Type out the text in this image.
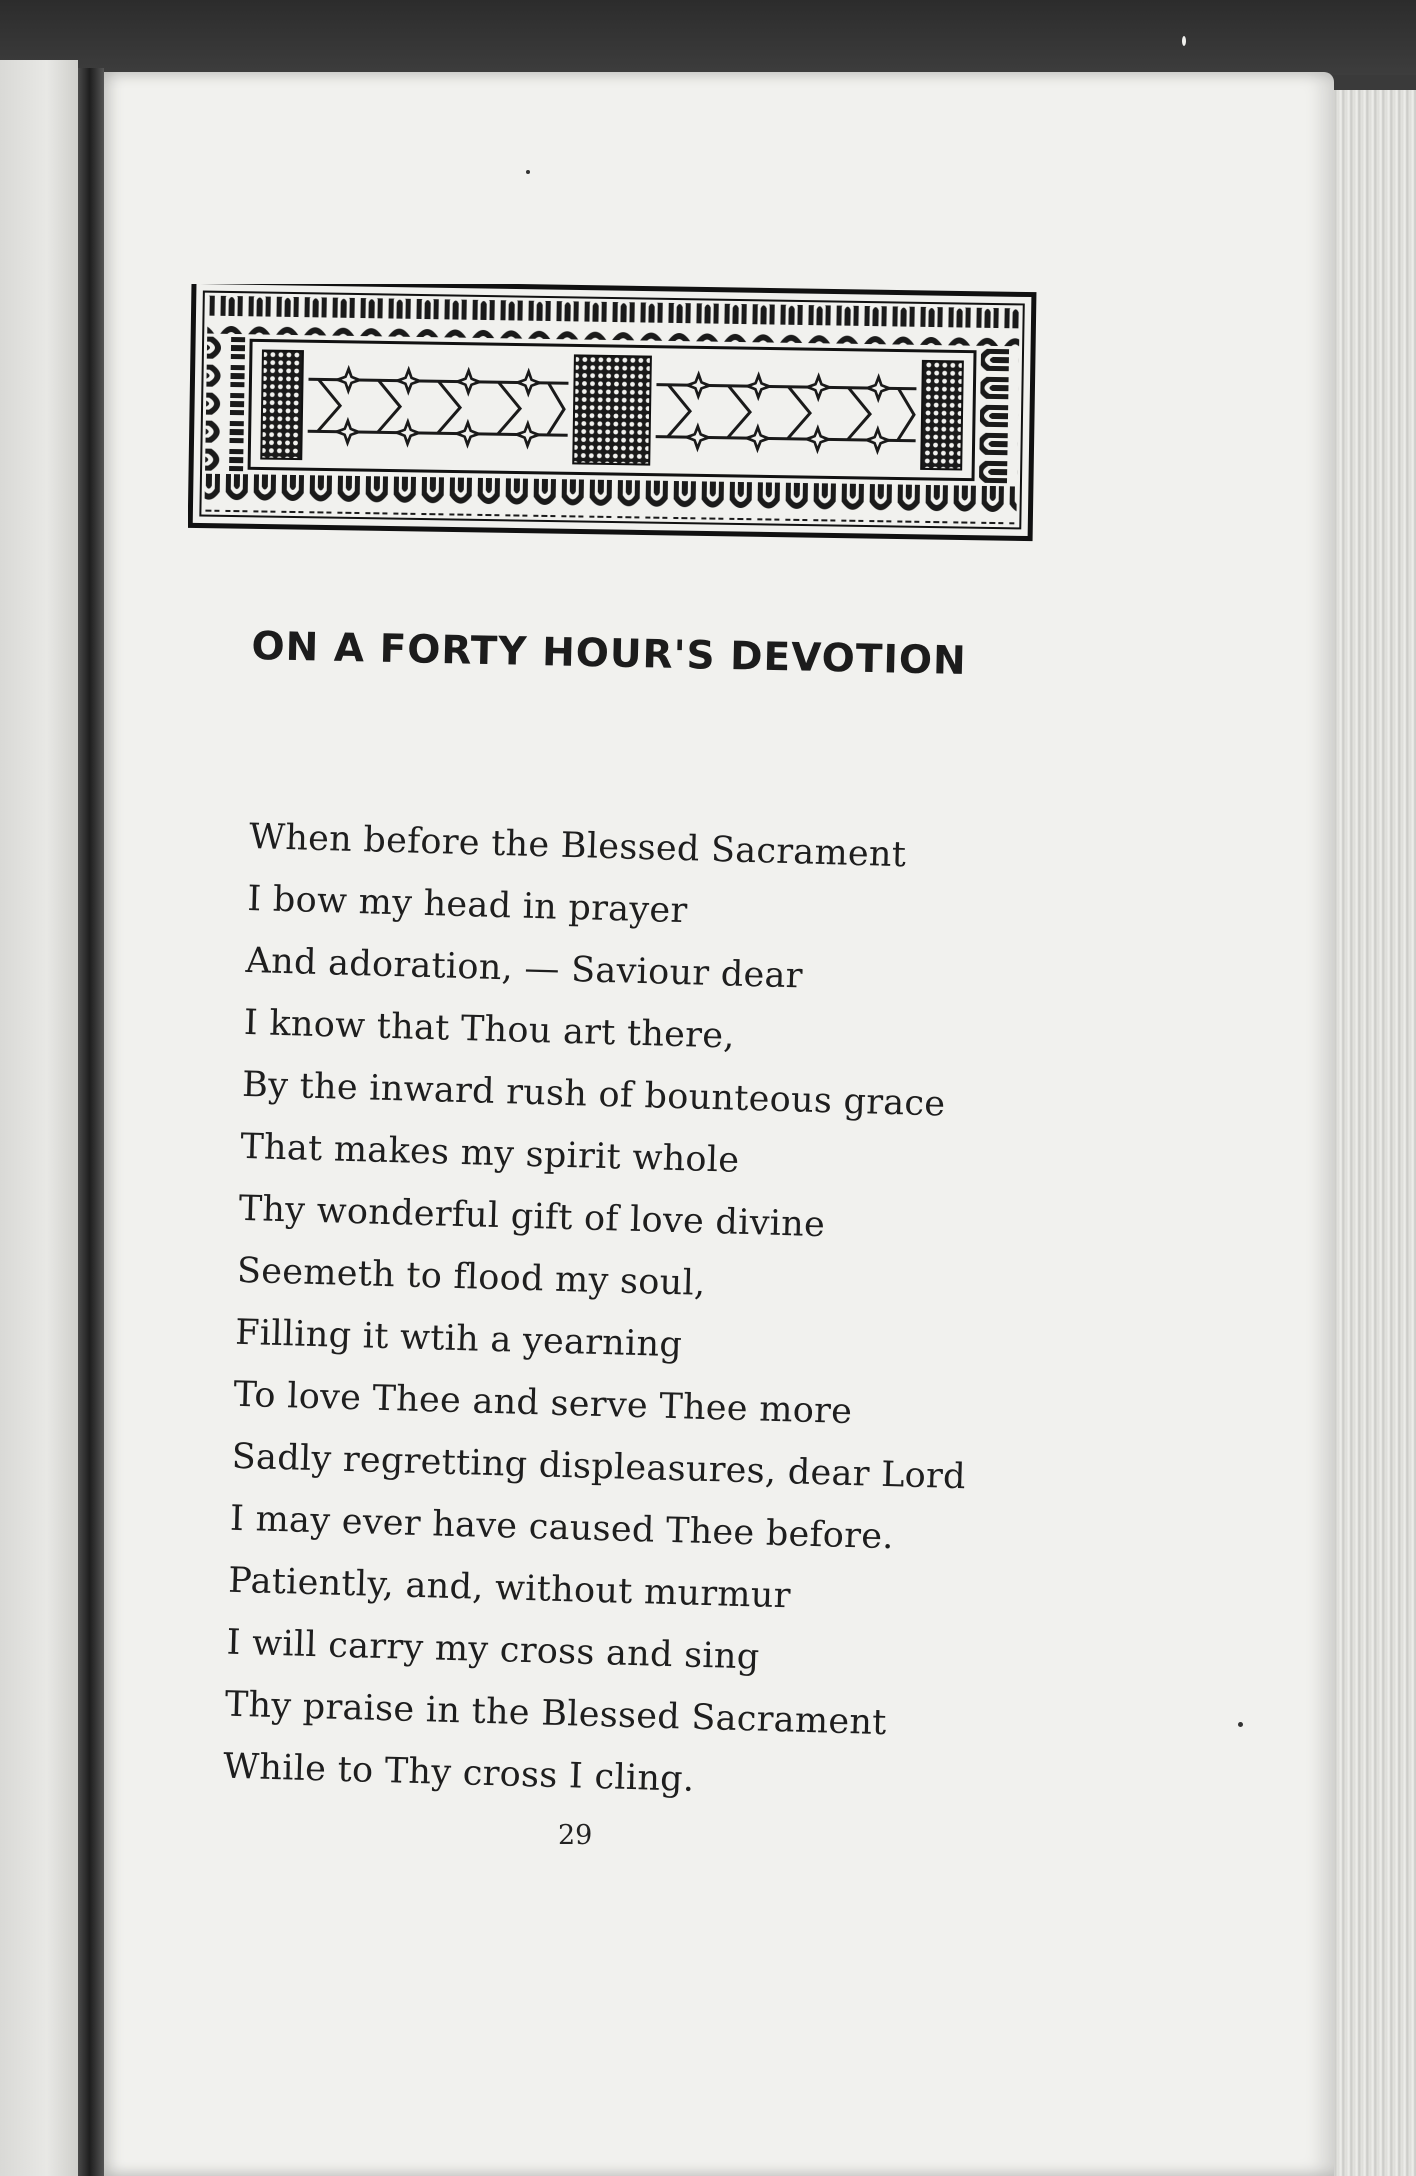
ON A FORTY HOUR'S DEVOTION
When before the Blessed Sacrament
I bow my head in prayer
And adoration, — Saviour dear
I know that Thou art there,
By the inward rush of bounteous grace
That makes my spirit whole
Thy wonderful gift of love divine
Seemeth to flood my soul,
Filling it wtih a yearning
To love Thee and serve Thee more
Sadly regretting displeasures, dear Lord
I may ever have caused Thee before.
Patiently, and, without murmur
I will carry my cross and sing
Thy praise in the Blessed Sacrament
While to Thy cross I cling.
29
